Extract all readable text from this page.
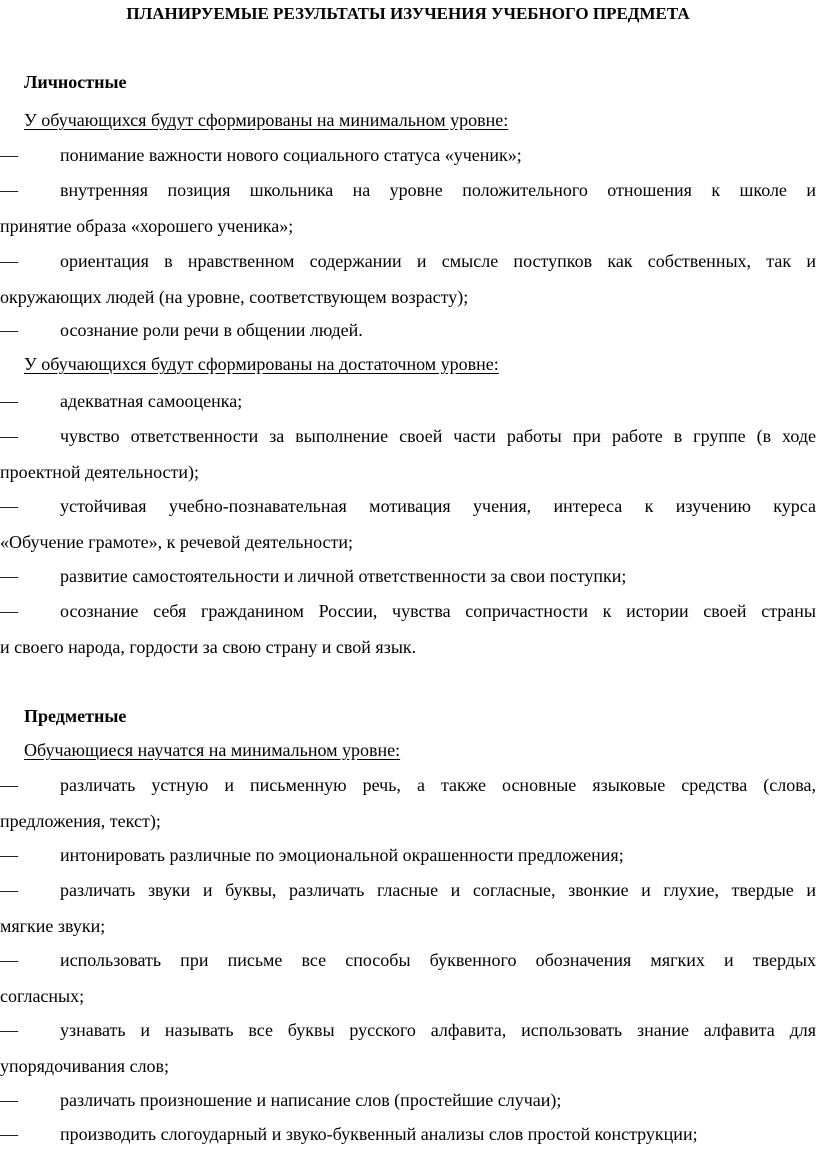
ПЛАНИРУЕМЫЕ РЕЗУЛЬТАТЫ ИЗУЧЕНИЯ УЧЕБНОГО ПРЕДМЕТА
Личностные
У обучающихся будут сформированы на минимальном уровне:
— понимание важности нового социального статуса «ученик»;
— внутренняя позиция школьника на уровне положительного отношения к школе и
принятие образа «хорошего ученика»;
— ориентация в нравственном содержании и смысле поступков как собственных, так и
окружающих людей (на уровне, соответствующем возрасту);
— осознание роли речи в общении людей.
У обучающихся будут сформированы на достаточном уровне:
— адекватная самооценка;
— чувство ответственности за выполнение своей части работы при работе в группе (в ходе
проектной деятельности);
— устойчивая учебно-познавательная мотивация учения, интереса к изучению курса
«Обучение грамоте», к речевой деятельности;
— развитие самостоятельности и личной ответственности за свои поступки;
— осознание себя гражданином России, чувства сопричастности к истории своей страны
и своего народа, гордости за свою страну и свой язык.
Предметные
Обучающиеся научатся на минимальном уровне:
— различать устную и письменную речь, а также основные языковые средства (слова,
предложения, текст);
— интонировать различные по эмоциональной окрашенности предложения;
— различать звуки и буквы, различать гласные и согласные, звонкие и глухие, твердые и
мягкие звуки;
— использовать при письме все способы буквенного обозначения мягких и твердых
согласных;
— узнавать и называть все буквы русского алфавита, использовать знание алфавита для
упорядочивания слов;
— различать произношение и написание слов (простейшие случаи);
— производить слогоударный и звуко-буквенный анализы слов простой конструкции;
